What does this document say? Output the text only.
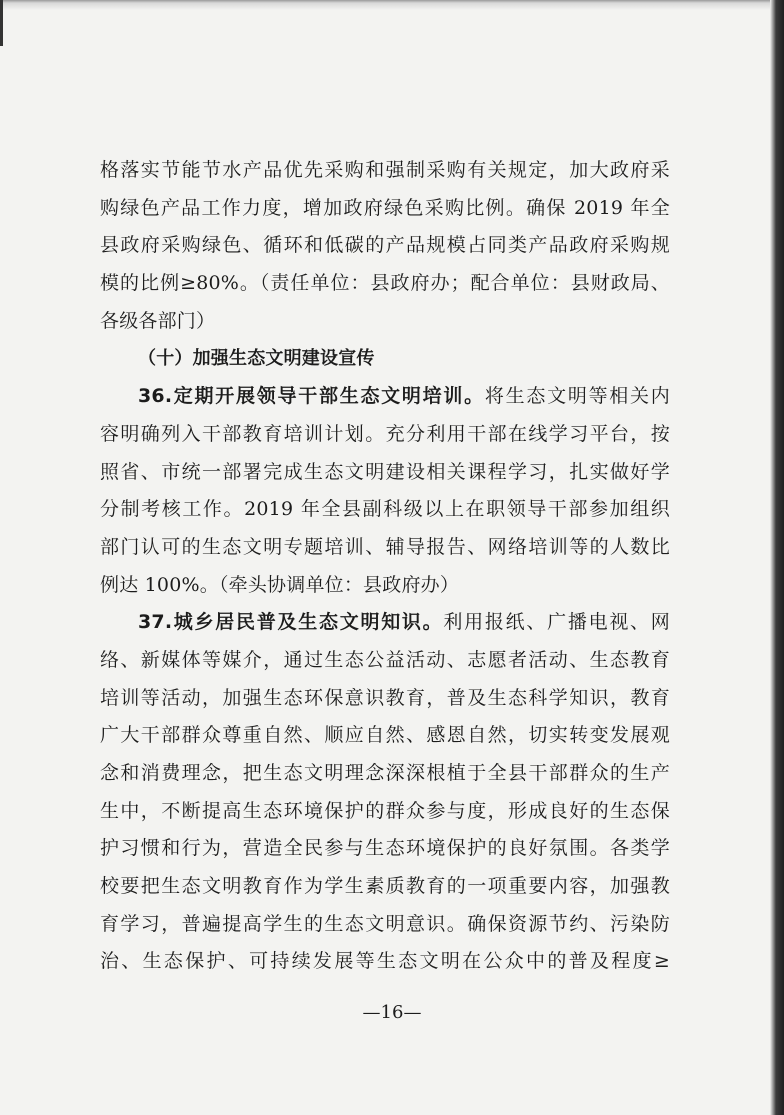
格落实节能节水产品优先采购和强制采购有关规定，加大政府采
购绿色产品工作力度，增加政府绿色采购比例。确保 2019 年全
县政府采购绿色、循环和低碳的产品规模占同类产品政府采购规
模的比例≥80%。（责任单位：县政府办；配合单位：县财政局、
各级各部门）
（十）加强生态文明建设宣传
36.定期开展领导干部生态文明培训。将生态文明等相关内
容明确列入干部教育培训计划。充分利用干部在线学习平台，按
照省、市统一部署完成生态文明建设相关课程学习，扎实做好学
分制考核工作。2019 年全县副科级以上在职领导干部参加组织
部门认可的生态文明专题培训、辅导报告、网络培训等的人数比
例达 100%。（牵头协调单位：县政府办）
37.城乡居民普及生态文明知识。利用报纸、广播电视、网
络、新媒体等媒介，通过生态公益活动、志愿者活动、生态教育
培训等活动，加强生态环保意识教育，普及生态科学知识，教育
广大干部群众尊重自然、顺应自然、感恩自然，切实转变发展观
念和消费理念，把生态文明理念深深根植于全县干部群众的生产
生中，不断提高生态环境保护的群众参与度，形成良好的生态保
护习惯和行为，营造全民参与生态环境保护的良好氛围。各类学
校要把生态文明教育作为学生素质教育的一项重要内容，加强教
育学习，普遍提高学生的生态文明意识。确保资源节约、污染防
治、生态保护、可持续发展等生态文明在公众中的普及程度≥
—16—
